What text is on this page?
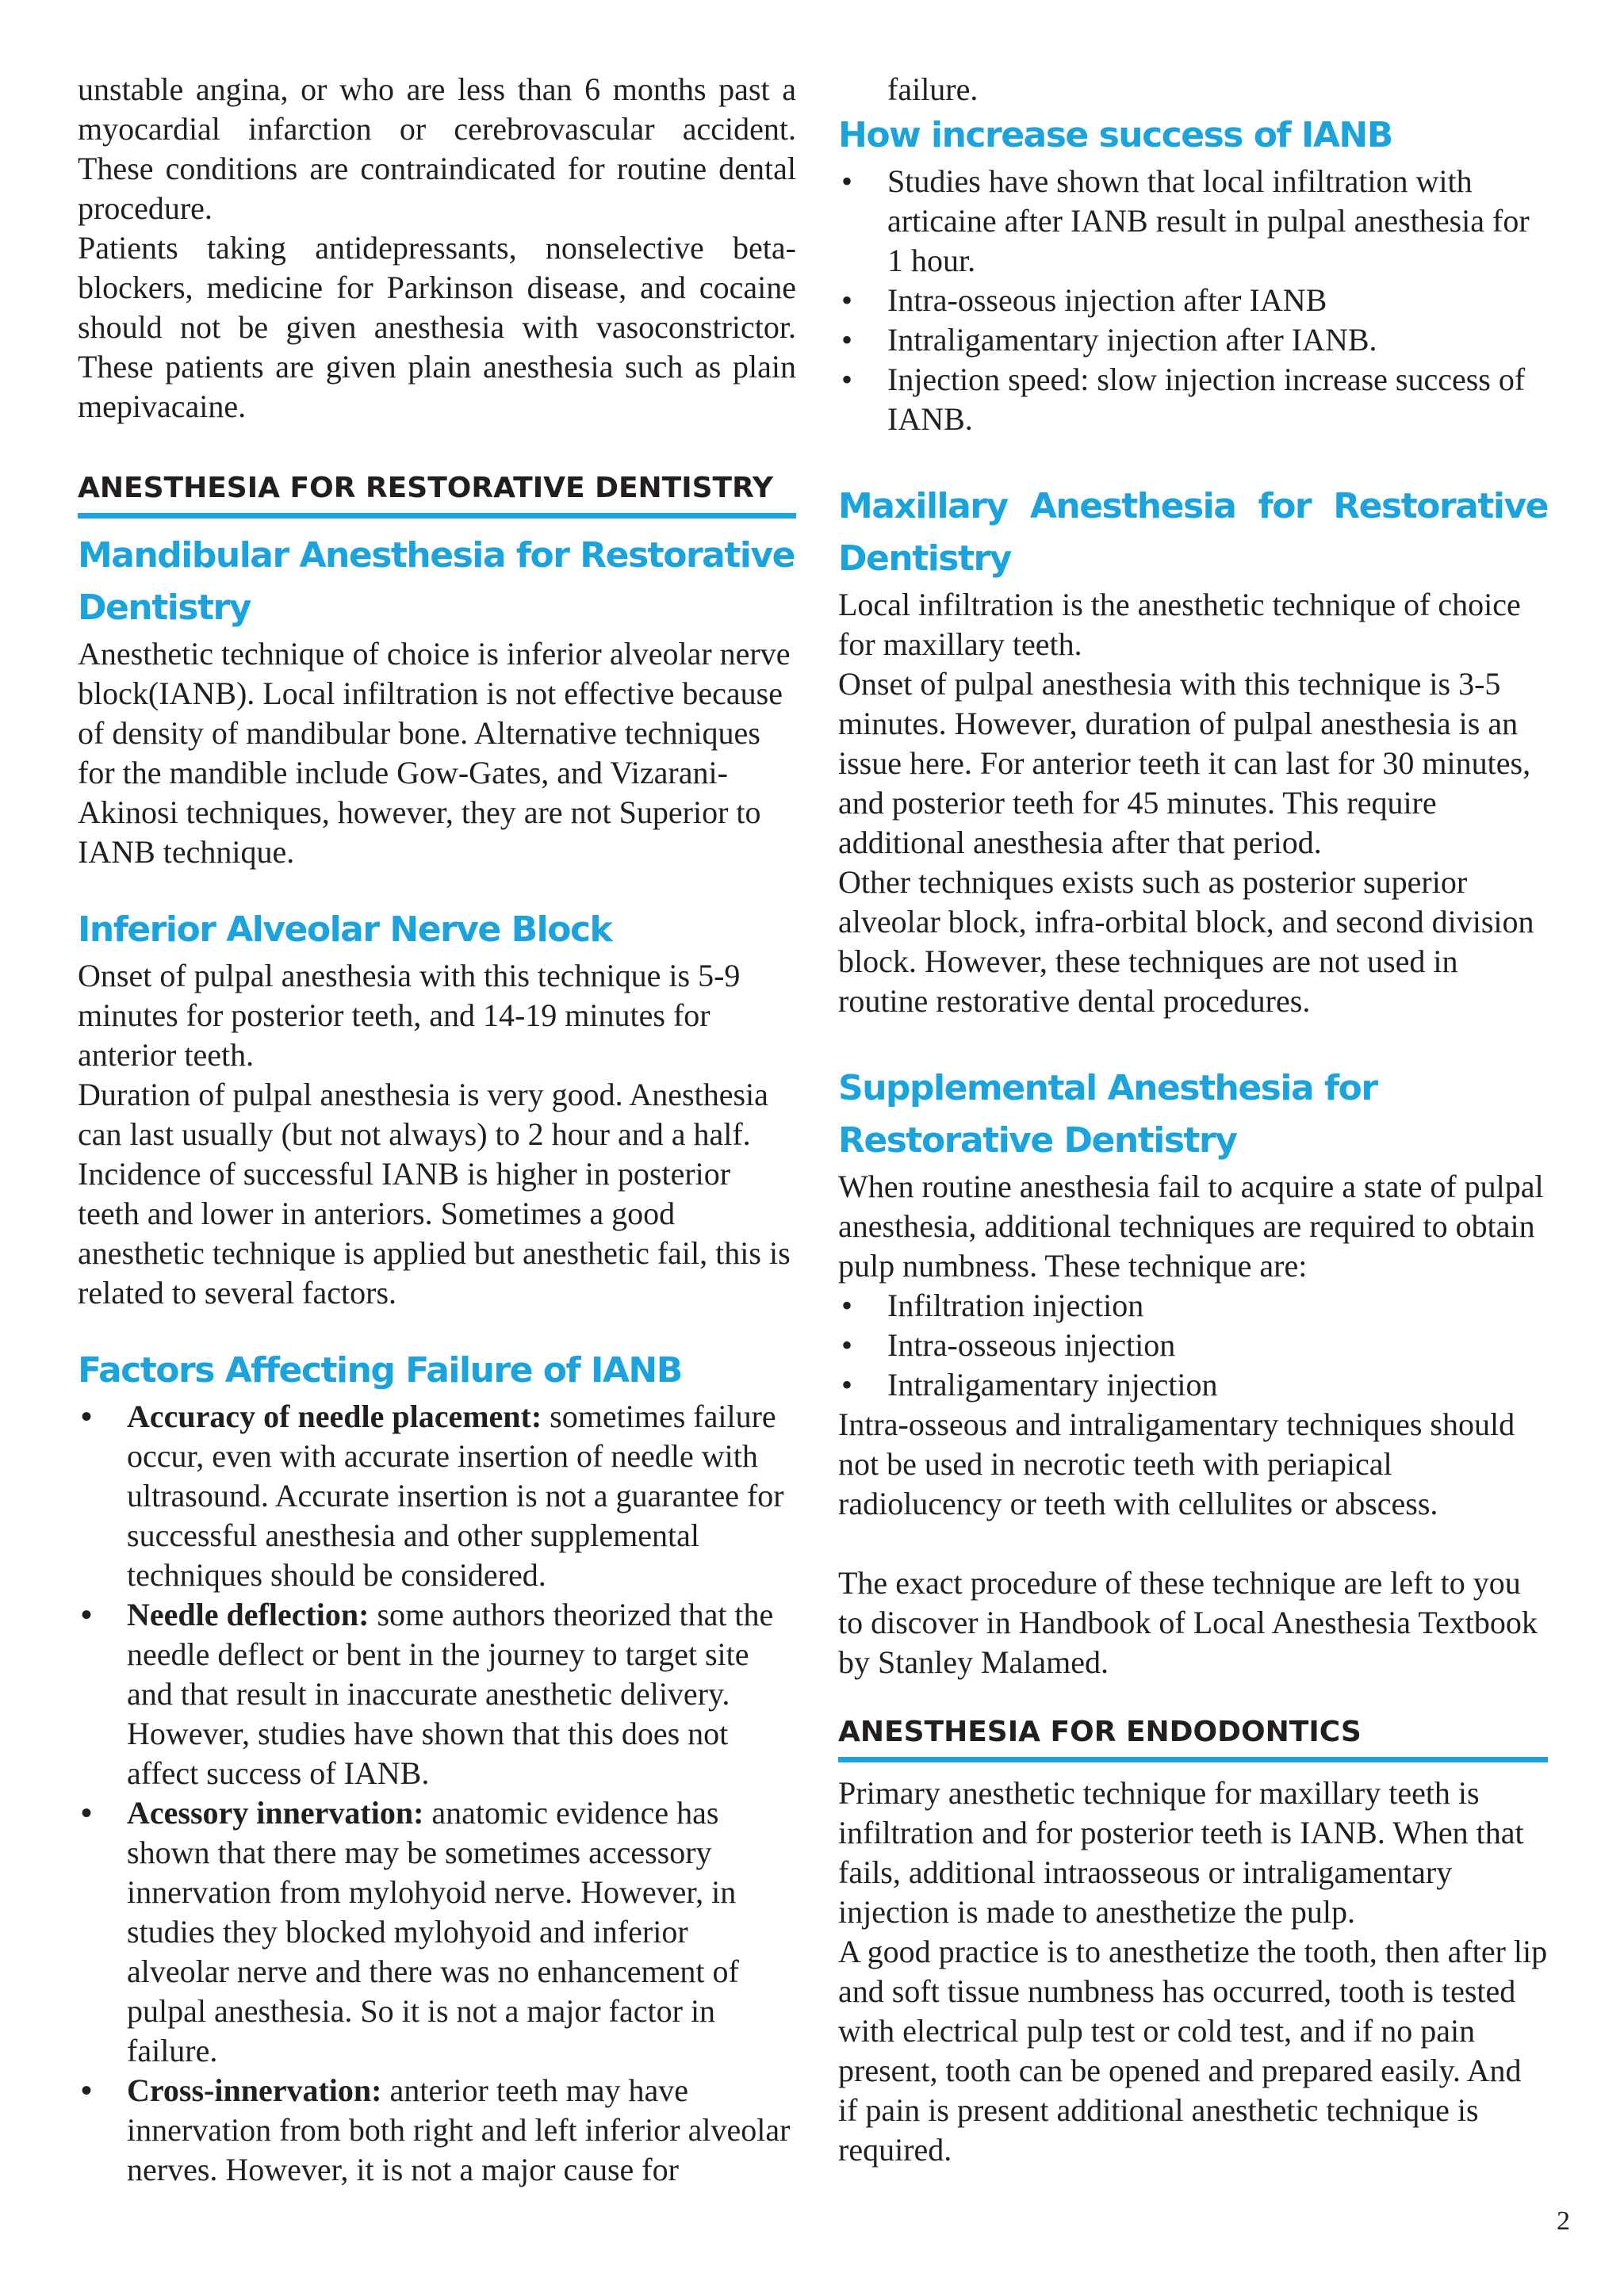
unstable angina, or who are less than 6 months past a myocardial infarction or cerebrovascular accident. These conditions are contraindicated for routine dental procedure.

Patients taking antidepressants, nonselective beta-blockers, medicine for Parkinson disease, and cocaine should not be given anesthesia with vasoconstrictor. These patients are given plain anesthesia such as plain mepivacaine.

ANESTHESIA FOR RESTORATIVE DENTISTRY
Mandibular Anesthesia for Restorative Dentistry

Anesthetic technique of choice is inferior alveolar nerve block(IANB). Local infiltration is not effective because of density of mandibular bone. Alternative techniques for the mandible include Gow-Gates, and Vizarani-Akinosi techniques, however, they are not Superior to IANB technique.

Inferior Alveolar Nerve Block

Onset of pulpal anesthesia with this technique is 5-9 minutes for posterior teeth, and 14-19 minutes for anterior teeth.

Duration of pulpal anesthesia is very good. Anesthesia can last usually (but not always) to 2 hour and a half. Incidence of successful IANB is higher in posterior teeth and lower in anteriors. Sometimes a good anesthetic technique is applied but anesthetic fail, this is related to several factors.

Factors Affecting Failure of IANB
• Accuracy of needle placement: sometimes failure occur, even with accurate insertion of needle with ultrasound. Accurate insertion is not a guarantee for successful anesthesia and other supplemental techniques should be considered.
• Needle deflection: some authors theorized that the needle deflect or bent in the journey to target site and that result in inaccurate anesthetic delivery. However, studies have shown that this does not affect success of IANB.
• Acessory innervation: anatomic evidence has shown that there may be sometimes accessory innervation from mylohyoid nerve. However, in studies they blocked mylohyoid and inferior alveolar nerve and there was no enhancement of pulpal anesthesia. So it is not a major factor in failure.
• Cross-innervation: anterior teeth may have innervation from both right and left inferior alveolar nerves. However, it is not a major cause for

failure.

How increase success of IANB
• Studies have shown that local infiltration with articaine after IANB result in pulpal anesthesia for 1 hour.
• Intra-osseous injection after IANB
• Intraligamentary injection after IANB.
• Injection speed: slow injection increase success of IANB.
Maxillary Anesthesia for Restorative Dentistry

Local infiltration is the anesthetic technique of choice for maxillary teeth.

Onset of pulpal anesthesia with this technique is 3-5 minutes. However, duration of pulpal anesthesia is an issue here. For anterior teeth it can last for 30 minutes, and posterior teeth for 45 minutes. This require additional anesthesia after that period.

Other techniques exists such as posterior superior alveolar block, infra-orbital block, and second division block. However, these techniques are not used in routine restorative dental procedures.

Supplemental Anesthesia for Restorative Dentistry

When routine anesthesia fail to acquire a state of pulpal anesthesia, additional techniques are required to obtain pulp numbness. These technique are:

• Infiltration injection
• Intra-osseous injection
• Intraligamentary injection

Intra-osseous and intraligamentary techniques should not be used in necrotic teeth with periapical radiolucency or teeth with cellulites or abscess.

The exact procedure of these technique are left to you to discover in Handbook of Local Anesthesia Textbook by Stanley Malamed.

ANESTHESIA FOR ENDODONTICS

Primary anesthetic technique for maxillary teeth is infiltration and for posterior teeth is IANB. When that fails, additional intraosseous or intraligamentary injection is made to anesthetize the pulp.

A good practice is to anesthetize the tooth, then after lip and soft tissue numbness has occurred, tooth is tested with electrical pulp test or cold test, and if no pain present, tooth can be opened and prepared easily. And if pain is present additional anesthetic technique is required.

2
